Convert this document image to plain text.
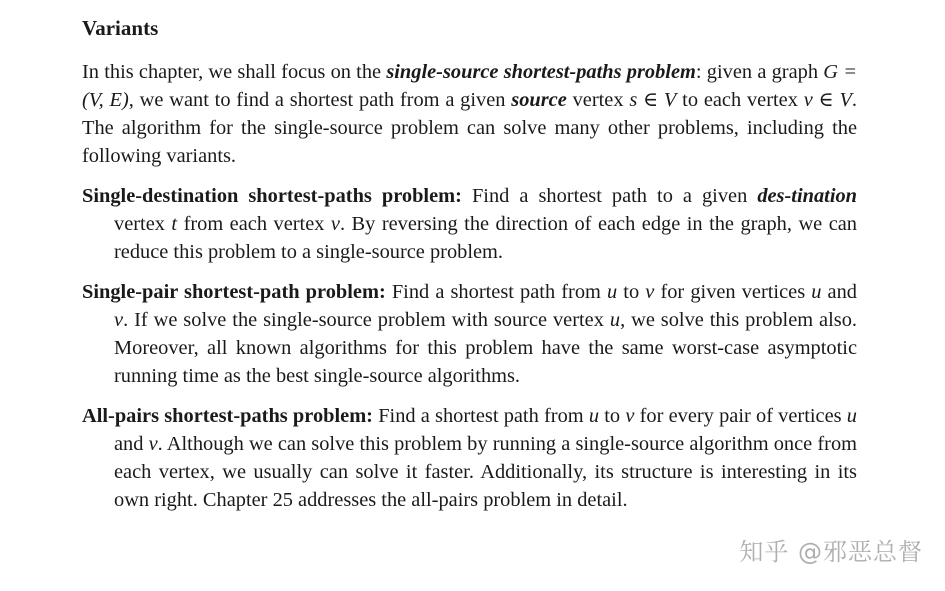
Variants

In this chapter, we shall focus on the single-source shortest-paths problem: given a graph G = (V, E), we want to find a shortest path from a given source vertex s ∈ V to each vertex v ∈ V. The algorithm for the single-source problem can solve many other problems, including the following variants.

Single-destination shortest-paths problem: Find a shortest path to a given des-tination vertex t from each vertex v. By reversing the direction of each edge in the graph, we can reduce this problem to a single-source problem.

Single-pair shortest-path problem: Find a shortest path from u to v for given vertices u and v. If we solve the single-source problem with source vertex u, we solve this problem also. Moreover, all known algorithms for this problem have the same worst-case asymptotic running time as the best single-source algorithms.

All-pairs shortest-paths problem: Find a shortest path from u to v for every pair of vertices u and v. Although we can solve this problem by running a single-source algorithm once from each vertex, we usually can solve it faster. Additionally, its structure is interesting in its own right. Chapter 25 addresses the all-pairs problem in detail.

知乎 @邪恶总督
